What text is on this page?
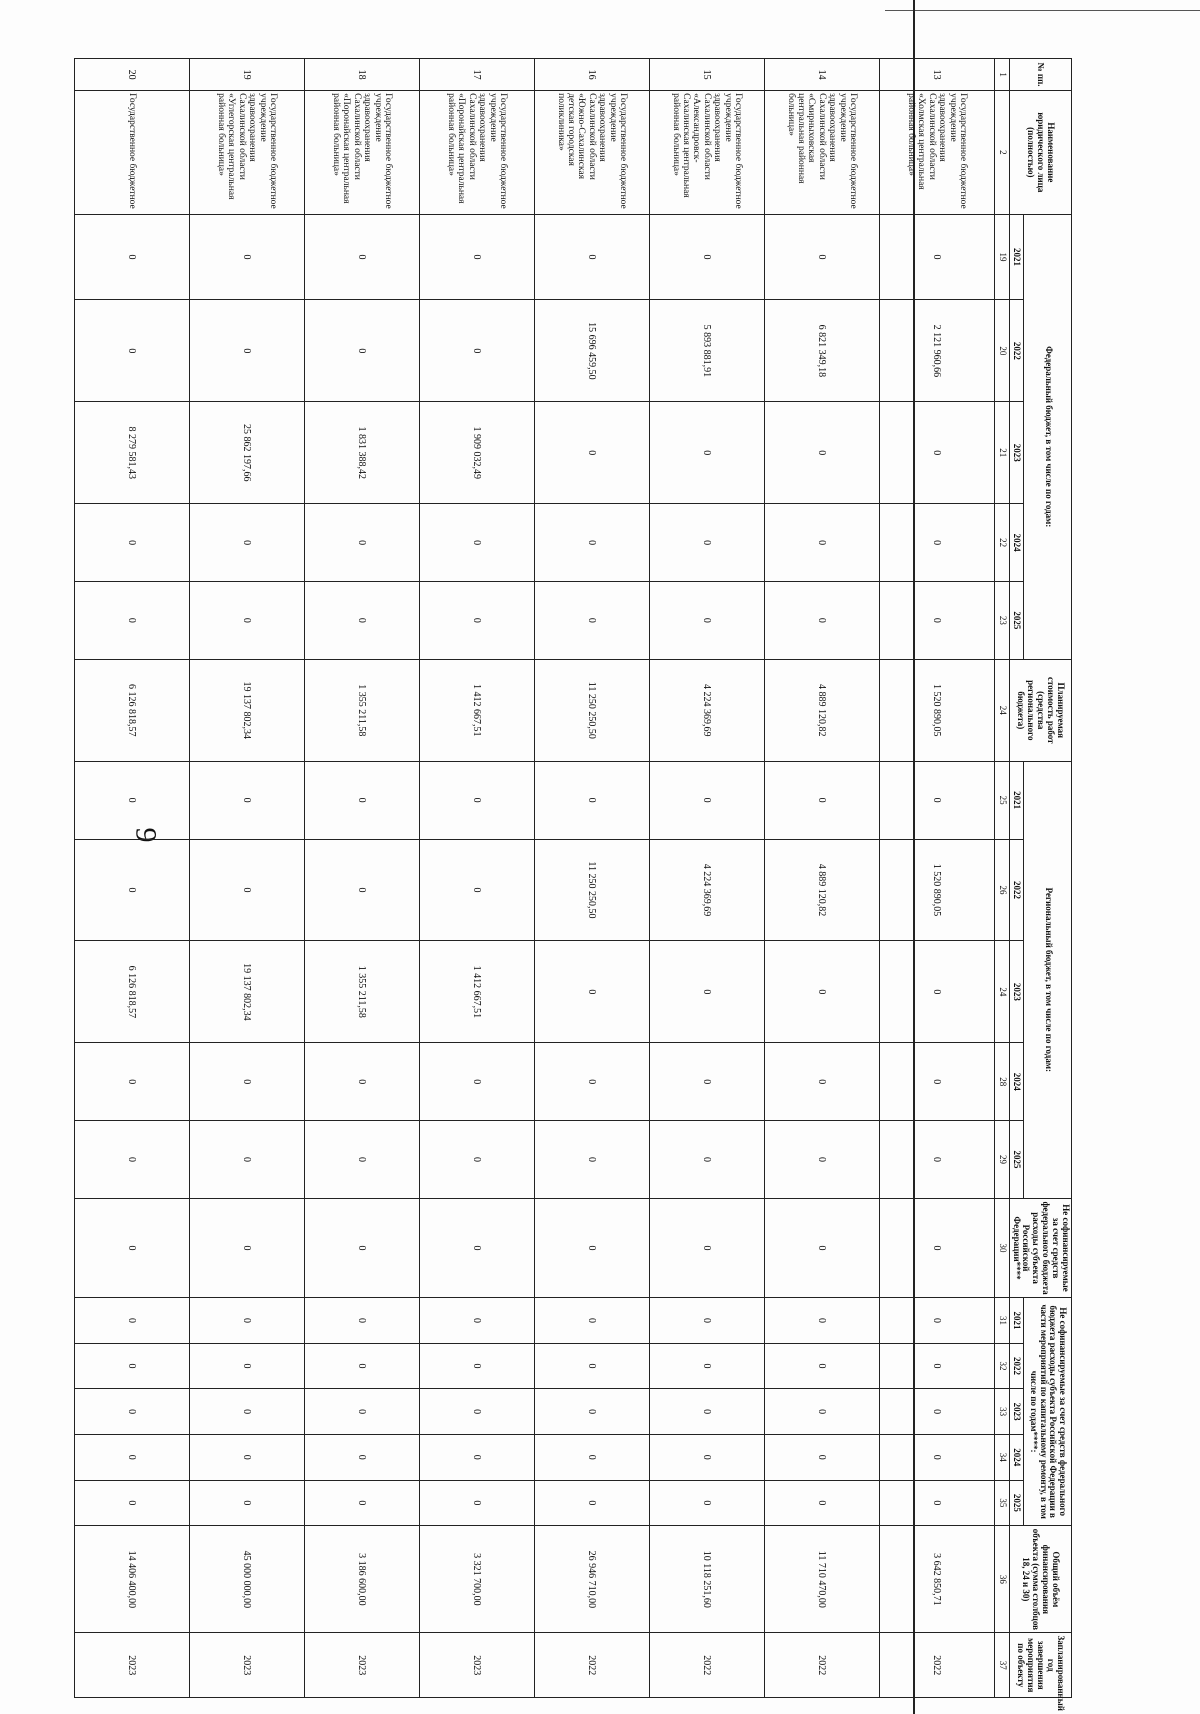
9
№ пп.	Наименование юридического лица (полностью)	Федеральный бюджет, в том числе по годам:					Планируемая стоимость работ (средства регионального бюджета)	Региональный бюджет, в том числе по годам:					Не софинансируемые за счет средств федерального бюджета расходы субъекта Российской Федерации****	Не софинансируемые за счет средств федерального бюджета расходы субъекта Российской Федерации в части мероприятий по капитальному ремонту, в том числе по годам****:					Общий объём финансирования объекта (сумма столбцов 18, 24 и 30)	Запланированный год завершения мероприятия по объекту
		2021	2022	2023	2024	2025		2021	2022	2023	2024	2025		2021	2022	2023	2024	2025		
1	2	19	20	21	22	23	24	25	26	24	28	29	30	31	32	33	34	35	36	37
13	Государственное бюджетное учреждение здравоохранения Сахалинской области «Холмская центральная районная больница»	0	2 121 960,66	0	0	0	1 520 890,05	0	1 520 890,05	0	0	0	0	0	0	0	0	0	3 642 850,71	2022
14	Государственное бюджетное учреждение здравоохранения Сахалинской области «Смирныховская центральная районная больница»	0	6 821 349,18	0	0	0	4 889 120,82	0	4 889 120,82	0	0	0	0	0	0	0	0	0	11 710 470,00	2022
15	Государственное бюджетное учреждение здравоохранения Сахалинской области «Александровск-Сахалинская центральная районная больница»	0	5 893 881,91	0	0	0	4 224 369,69	0	4 224 369,69	0	0	0	0	0	0	0	0	0	10 118 251,60	2022
16	Государственное бюджетное учреждение здравоохранения Сахалинской области «Южно-Сахалинская детская городская поликлиника»	0	15 696 459,50	0	0	0	11 250 250,50	0	11 250 250,50	0	0	0	0	0	0	0	0	0	26 946 710,00	2022
17	Государственное бюджетное учреждение здравоохранения Сахалинской области «Поронайская центральная районная больница»	0	0	1 909 032,49	0	0	1 412 667,51	0	0	1 412 667,51	0	0	0	0	0	0	0	0	3 321 700,00	2023
18	Государственное бюджетное учреждение здравоохранения Сахалинской области «Поронайская центральная районная больница»	0	0	1 831 388,42	0	0	1 355 211,58	0	0	1 355 211,58	0	0	0	0	0	0	0	0	3 186 600,00	2023
19	Государственное бюджетное учреждение здравоохранения Сахалинской области «Углегорская центральная районная больница»	0	0	25 862 197,66	0	0	19 137 802,34	0	0	19 137 802,34	0	0	0	0	0	0	0	0	45 000 000,00	2023
20	Государственное бюджетное	0	0	8 279 581,43	0	0	6 126 818,57	0	0	6 126 818,57	0	0	0	0	0	0	0	0	14 406 400,00	2023
